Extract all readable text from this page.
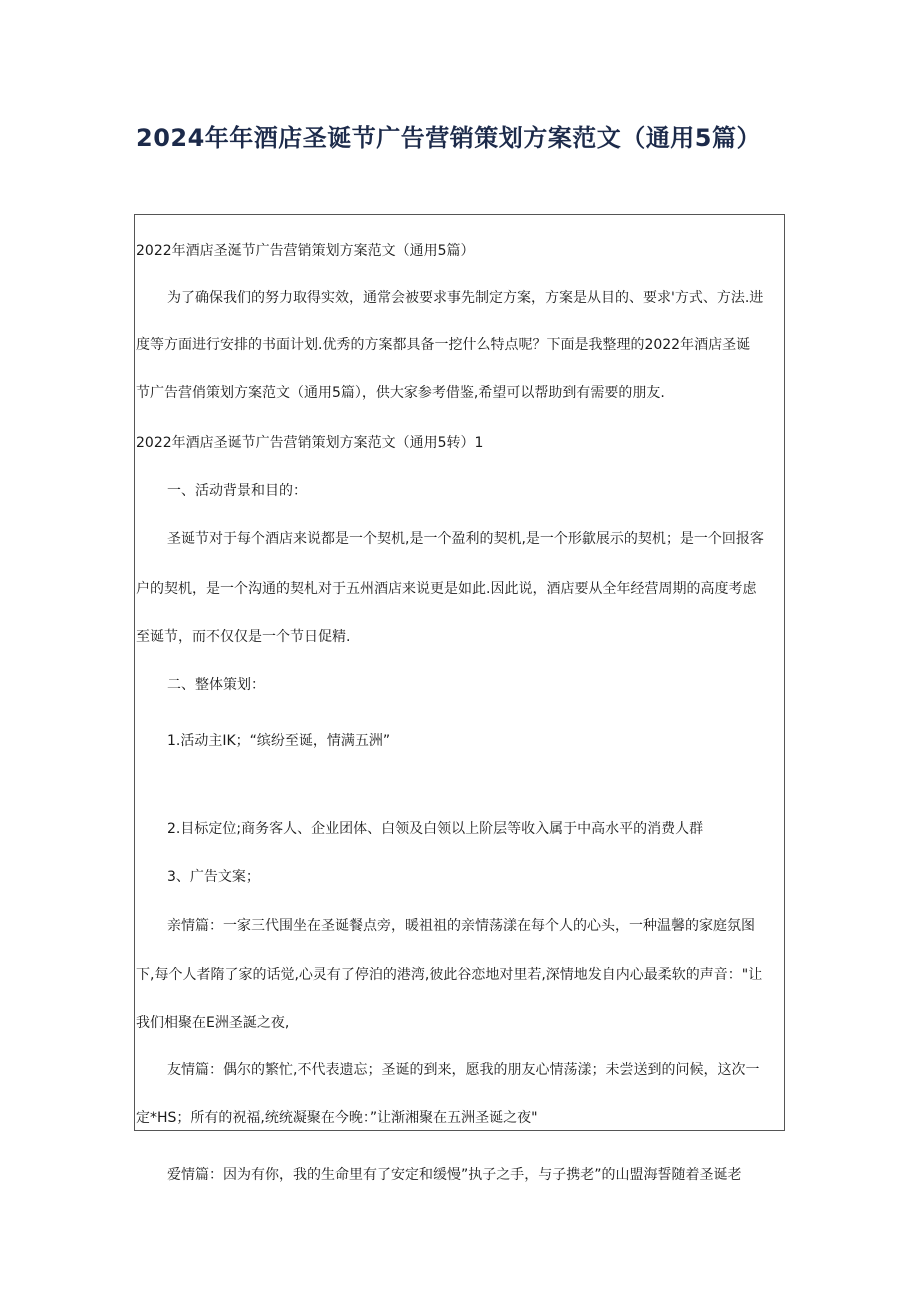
2024年年酒店圣诞节广告营销策划方案范文（通用5篇）
2022年酒店圣涎节广告营销策划方案范文（通用5篇）
为了确保我们的努力取得实效，通常会被要求事先制定方案，方案是从目的、要求'方式、方法.进
度等方面进行安排的书面计划.优秀的方案都具备一挖什么特点呢？下面是我整理的2022年酒店圣诞
节广告营俏策划方案范文（通用5篇），供大家参考借鉴,希望可以帮助到有需要的朋友.
2022年酒店圣诞节广告营销策划方案范文（通用5转）1
一、活动背景和目的：
圣诞节对于每个酒店来说都是一个契机,是一个盈利的契机,是一个形歙展示的契机；是一个回报客
户的契机，是一个沟通的契札对于五州酒店来说更是如此.因此说，酒店要从全年经营周期的高度考虑
至诞节，而不仅仅是一个节日促精.
二、整体策划：
1.活动主IK；“缤纷至诞，情满五洲”
2.目标定位;商务客人、企业团体、白领及白领以上阶层等收入属于中高水平的消费人群
3、广告文案；
亲情篇：一家三代围坐在圣诞餐点旁，暖祖祖的亲情荡漾在每个人的心头，一种温馨的家庭氛图
下,每个人者隋了家的话觉,心灵有了停泊的港湾,彼此谷恋地对里若,深情地发自内心最柔软的声音："让
我们相聚在E洲圣誕之夜,
友情篇：偶尔的繁忙,不代表遗忘；圣诞的到来，愿我的朋友心情荡漾；未尝送到的问候，这次一
定*HS；所有的祝福,统统凝聚在今晚：”让渐湘聚在五洲圣诞之夜"
爱情篇：因为有你，我的生命里有了安定和缓慢”执子之手，与子携老”的山盟海誓随着圣诞老
